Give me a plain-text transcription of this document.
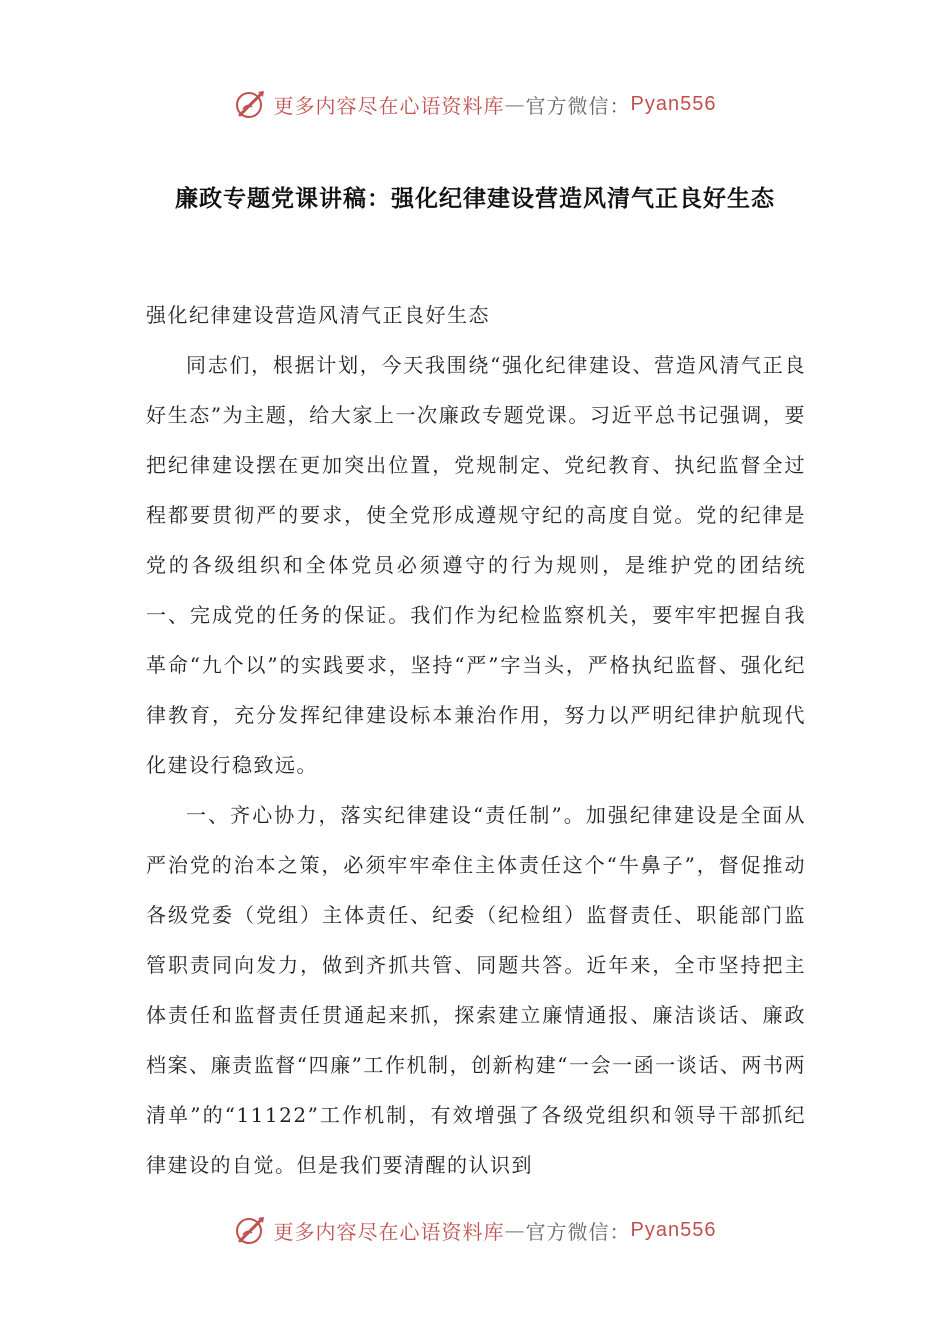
更多内容尽在心语资料库 — 官方微信： Pyan556
廉政专题党课讲稿：强化纪律建设营造风清气正良好生态
强化纪律建设营造风清气正良好生态

同志们，根据计划，今天我围绕“强化纪律建设、营造风清气正良好生态”为主题，给大家上一次廉政专题党课。习近平总书记强调，要把纪律建设摆在更加突出位置，党规制定、党纪教育、执纪监督全过程都要贯彻严的要求，使全党形成遵规守纪的高度自觉。党的纪律是党的各级组织和全体党员必须遵守的行为规则，是维护党的团结统一、完成党的任务的保证。我们作为纪检监察机关，要牢牢把握自我革命“九个以”的实践要求，坚持“严”字当头，严格执纪监督、强化纪律教育，充分发挥纪律建设标本兼治作用，努力以严明纪律护航现代化建设行稳致远。

一、齐心协力，落实纪律建设“责任制”。加强纪律建设是全面从严治党的治本之策，必须牢牢牵住主体责任这个“牛鼻子”，督促推动各级党委（党组）主体责任、纪委（纪检组）监督责任、职能部门监管职责同向发力，做到齐抓共管、同题共答。近年来，全市坚持把主体责任和监督责任贯通起来抓，探索建立廉情通报、廉洁谈话、廉政档案、廉责监督“四廉”工作机制，创新构建“一会一函一谈话、两书两清单”的“11122”工作机制，有效增强了各级党组织和领导干部抓纪律建设的自觉。但是我们要清醒的认识到

更多内容尽在心语资料库 — 官方微信： Pyan556
